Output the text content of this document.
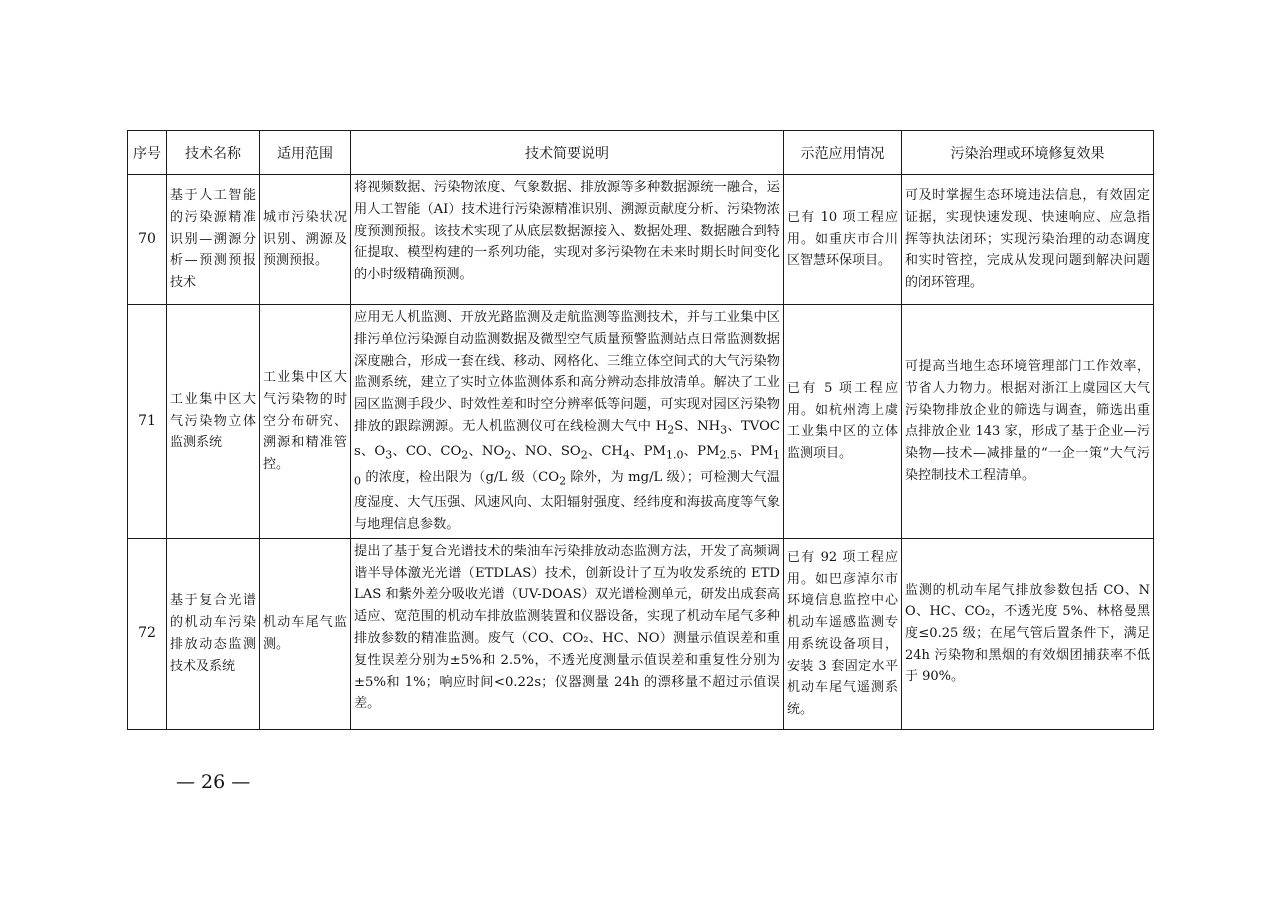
序号	技术名称	适用范围	技术简要说明	示范应用情况	污染治理或环境修复效果
70	基于人工智能的污染源精准识别—溯源分析—预测预报技术	城市污染状况识别、溯源及预测预报。	将视频数据、污染物浓度、气象数据、排放源等多种数据源统一融合，运用人工智能（AI）技术进行污染源精准识别、溯源贡献度分析、污染物浓度预测预报。该技术实现了从底层数据源接入、数据处理、数据融合到特征提取、模型构建的一系列功能，实现对多污染物在未来时期长时间变化的小时级精确预测。	已有 10 项工程应用。如重庆市合川区智慧环保项目。	可及时掌握生态环境违法信息，有效固定证据，实现快速发现、快速响应、应急指挥等执法闭环；实现污染治理的动态调度和实时管控，完成从发现问题到解决问题的闭环管理。
71	工业集中区大气污染物立体监测系统	工业集中区大气污染物的时空分布研究、溯源和精准管控。	应用无人机监测、开放光路监测及走航监测等监测技术，并与工业集中区排污单位污染源自动监测数据及微型空气质量预警监测站点日常监测数据深度融合，形成一套在线、移动、网格化、三维立体空间式的大气污染物监测系统，建立了实时立体监测体系和高分辨动态排放清单。解决了工业园区监测手段少、时效性差和时空分辨率低等问题，可实现对园区污染物排放的跟踪溯源。无人机监测仪可在线检测大气中 $H_2S$、$NH_3$、TVOCs、$O_3$、CO、$CO_2$、$NO_2$、NO、$SO_2$、$CH_4$、$PM_{1.0}$、$PM_{2.5}$、$PM_{10}$ 的浓度，检出限为（g/L 级（$CO_2$ 除外，为 mg/L 级）；可检测大气温度湿度、大气压强、风速风向、太阳辐射强度、经纬度和海拔高度等气象与地理信息参数。	已有 5 项工程应用。如杭州湾上虞工业集中区的立体监测项目。	可提高当地生态环境管理部门工作效率，节省人力物力。根据对浙江上虞园区大气污染物排放企业的筛选与调查，筛选出重点排放企业 143 家，形成了基于企业—污染物—技术—减排量的“一企一策”大气污染控制技术工程清单。
72	基于复合光谱的机动车污染排放动态监测技术及系统	机动车尾气监测。	提出了基于复合光谱技术的柴油车污染排放动态监测方法，开发了高频调谐半导体激光光谱（ETDLAS）技术，创新设计了互为收发系统的 ETDLAS 和紫外差分吸收光谱（UV-DOAS）双光谱检测单元，研发出成套高适应、宽范围的机动车排放监测装置和仪器设备，实现了机动车尾气多种排放参数的精准监测。废气（CO、CO₂、HC、NO）测量示值误差和重复性误差分别为±5%和 2.5%，不透光度测量示值误差和重复性分别为±5%和 1%；响应时间<0.22s；仪器测量 24h 的漂移量不超过示值误差。	已有 92 项工程应用。如巴彦淖尔市环境信息监控中心机动车遥感监测专用系统设备项目，安装 3 套固定水平机动车尾气遥测系统。	监测的机动车尾气排放参数包括 CO、NO、HC、CO₂，不透光度 5%、林格曼黑度≤0.25 级；在尾气管后置条件下，满足 24h 污染物和黑烟的有效烟团捕获率不低于 90%。
— 26 —
